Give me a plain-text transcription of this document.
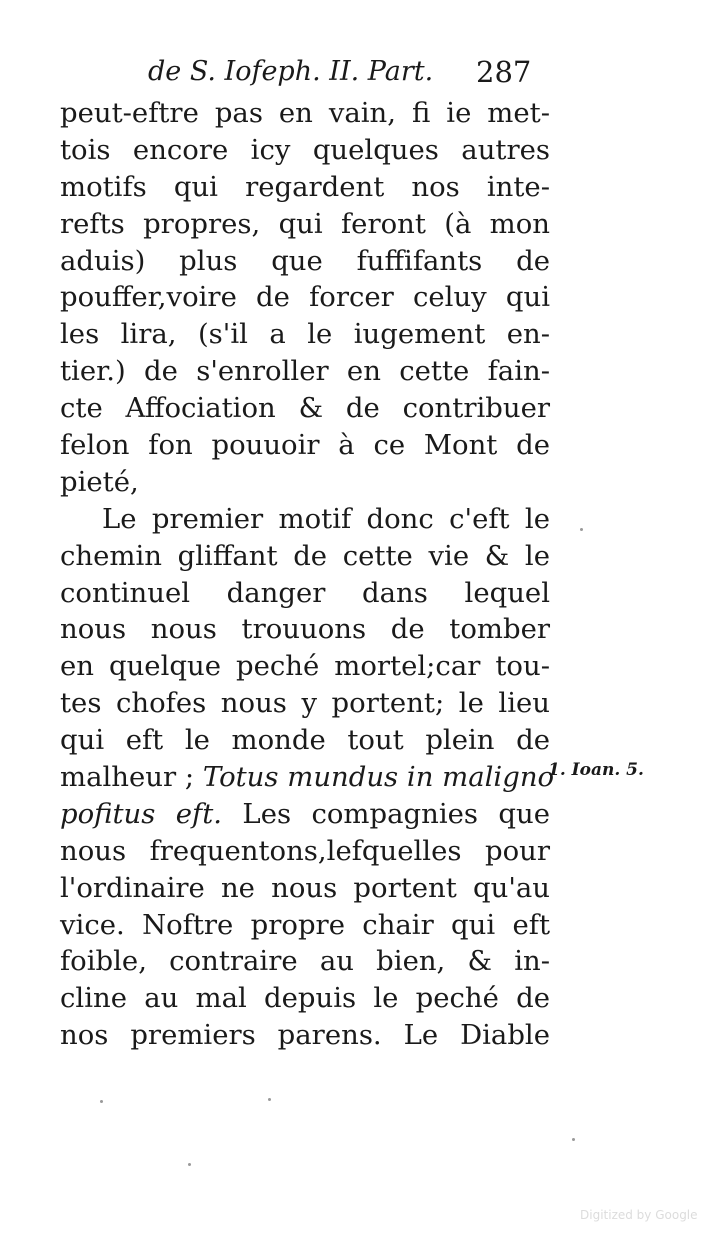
de S. Iofeph. II. Part. 287
peut-eftre pas en vain, fi ie met-
tois encore icy quelques autres
motifs qui regardent nos inte-
refts propres, qui feront (à mon
aduis) plus que fuffifants de
pouffer,voire de forcer celuy qui
les lira, (s'il a le iugement en-
tier.) de s'enroller en cette fain-
cte Affociation & de contribuer
felon fon pouuoir à ce Mont de
pieté,
Le premier motif donc c'eft le
chemin gliffant de cette vie & le
continuel danger dans lequel
nous nous trouuons de tomber
en quelque peché mortel;car tou-
tes chofes nous y portent; le lieu
qui eft le monde tout plein de
malheur ; Totus mundus in maligno
pofitus eft. Les compagnies que
nous frequentons,lefquelles pour
l'ordinaire ne nous portent qu'au
vice. Noftre propre chair qui eft
foible, contraire au bien, & in-
cline au mal depuis le peché de
nos premiers parens. Le Diable
1. Ioan. 5.
Digitized by Google
